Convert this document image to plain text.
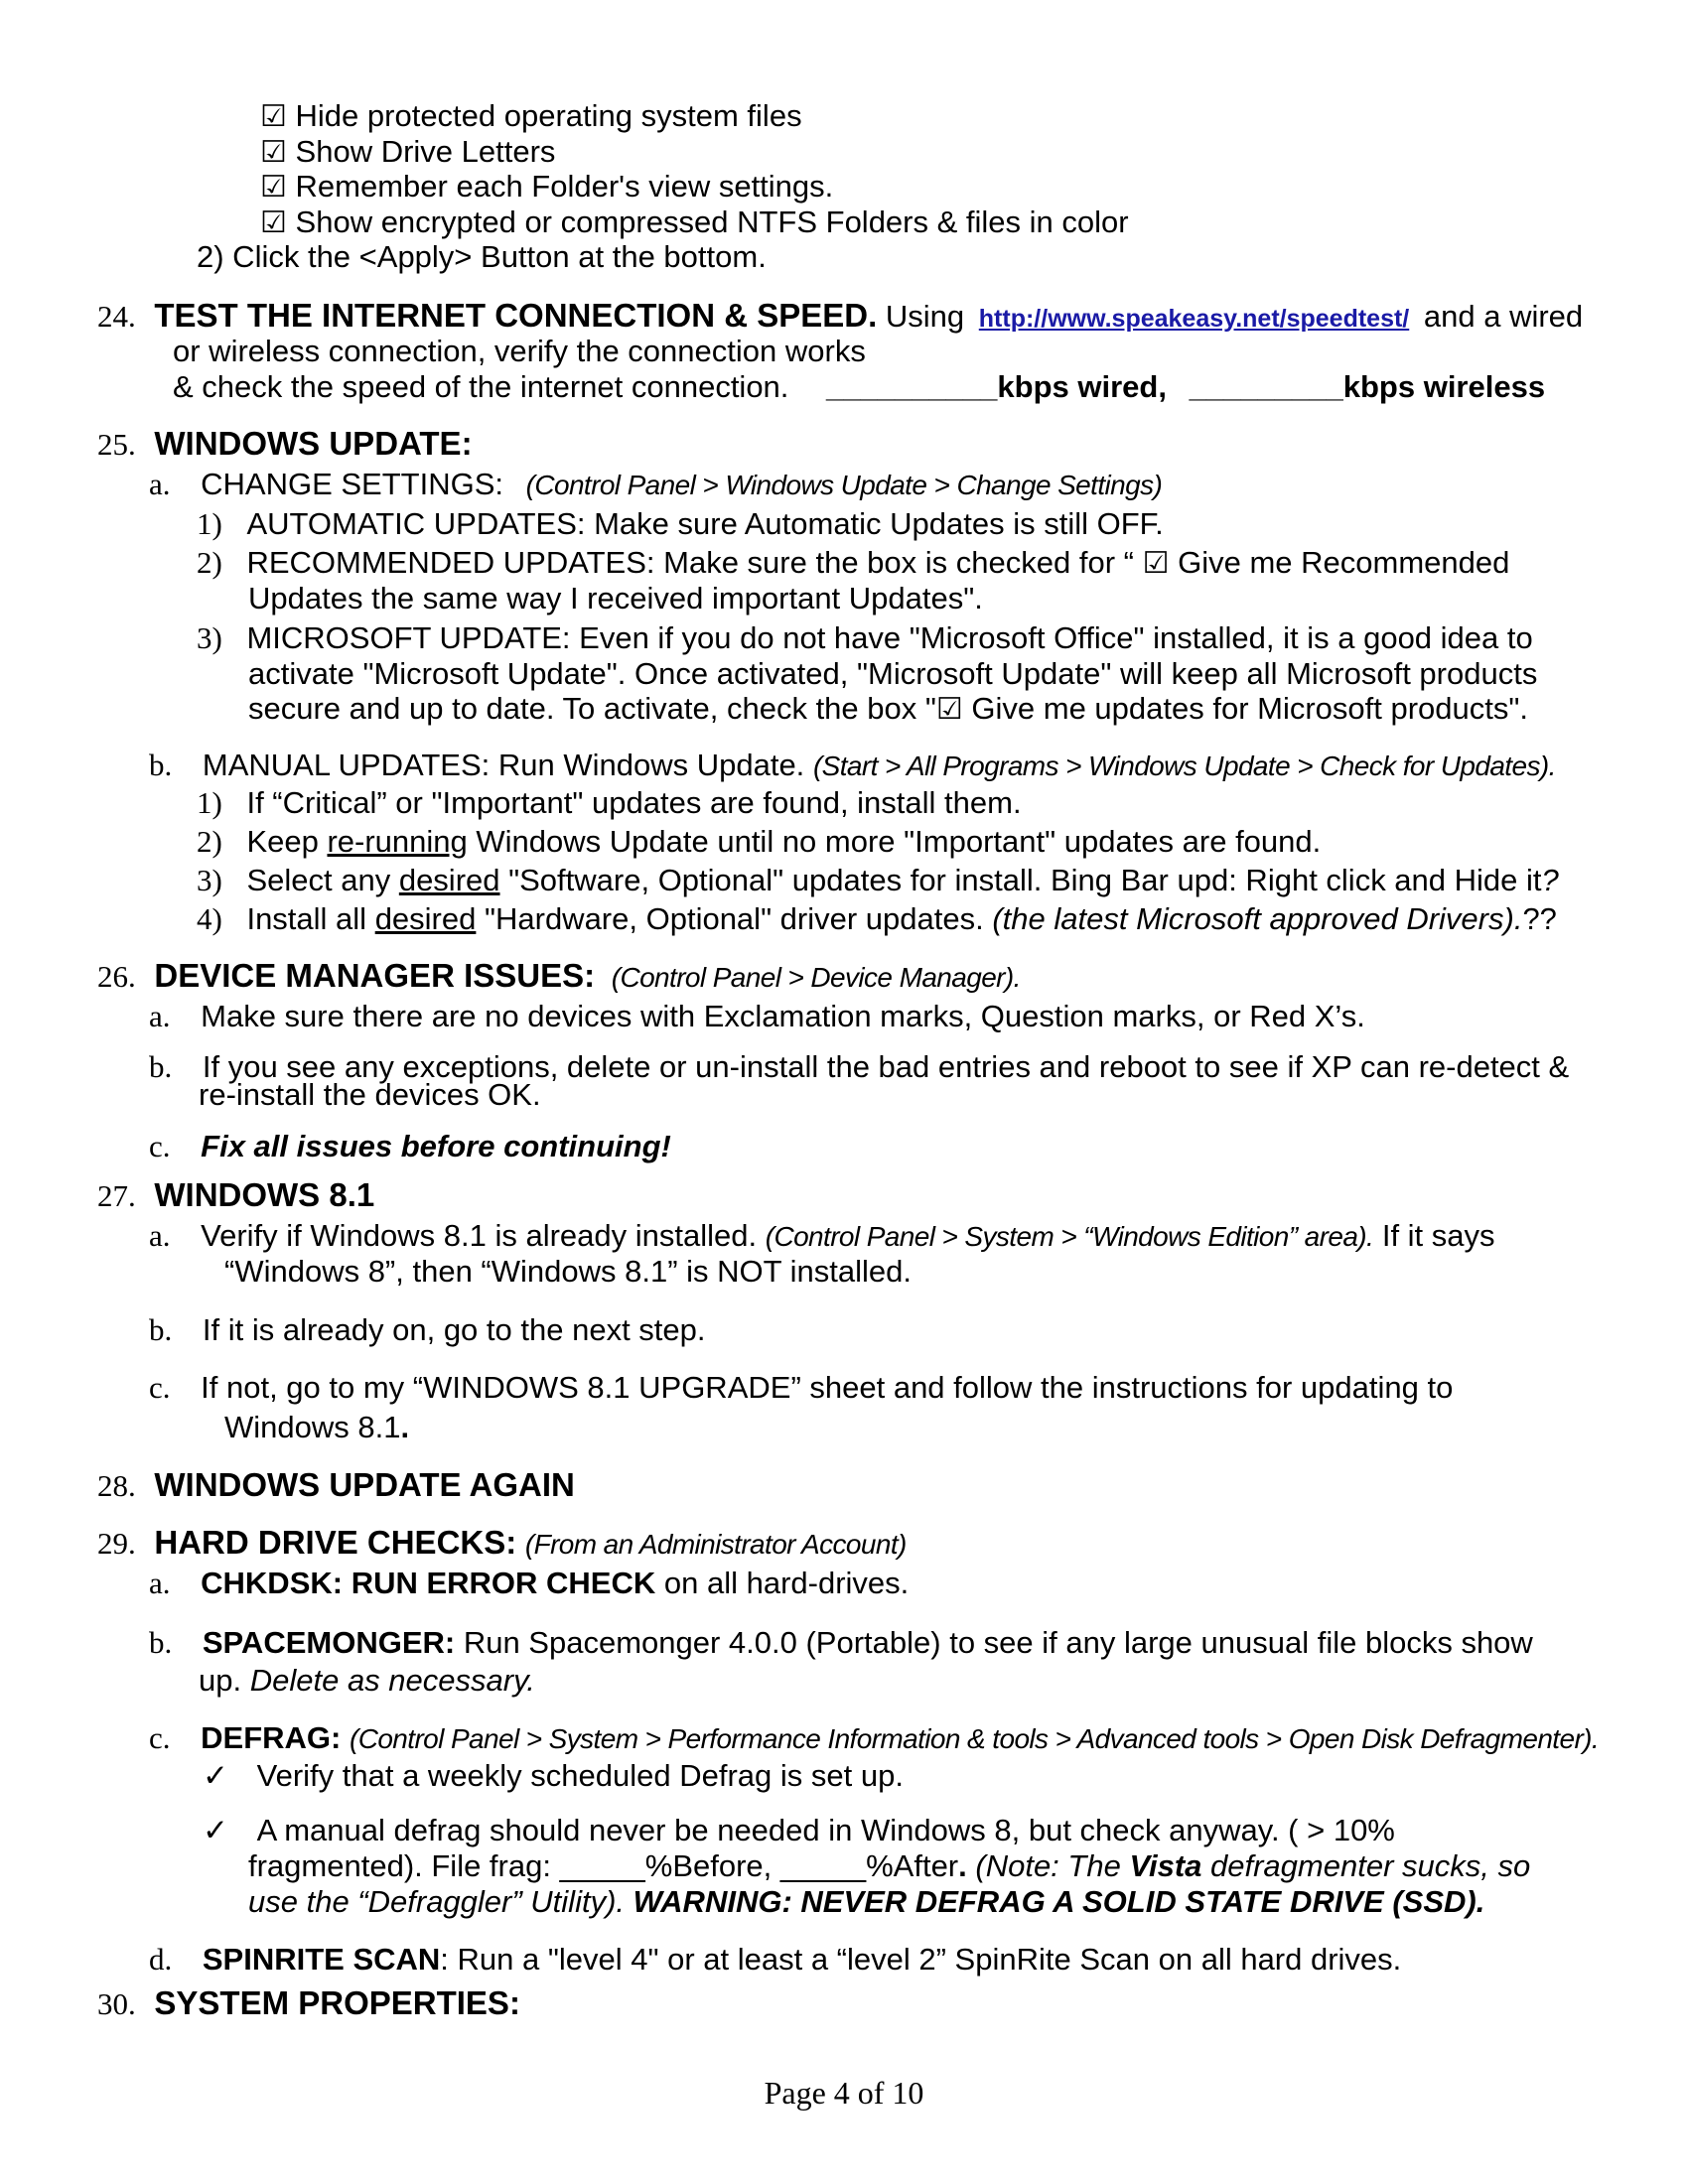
☑ Hide protected operating system files
☑ Show Drive Letters
☑ Remember each Folder's view settings.
☑ Show encrypted or compressed NTFS Folders & files in color
2) Click the <Apply> Button at the bottom.
24. TEST THE INTERNET CONNECTION & SPEED. Using http://www.speakeasy.net/speedtest/ and a wired
or wireless connection, verify the connection works
& check the speed of the internet connection. __________kbps wired, _________kbps wireless
25. WINDOWS UPDATE:
a. CHANGE SETTINGS: (Control Panel > Windows Update > Change Settings)
1) AUTOMATIC UPDATES: Make sure Automatic Updates is still OFF.
2) RECOMMENDED UPDATES: Make sure the box is checked for “ ☑ Give me Recommended
Updates the same way I received important Updates".
3) MICROSOFT UPDATE: Even if you do not have "Microsoft Office" installed, it is a good idea to
activate "Microsoft Update". Once activated, "Microsoft Update" will keep all Microsoft products
secure and up to date. To activate, check the box "☑ Give me updates for Microsoft products".
b. MANUAL UPDATES: Run Windows Update. (Start > All Programs > Windows Update > Check for Updates).
1) If “Critical” or "Important" updates are found, install them.
2) Keep re-running Windows Update until no more "Important" updates are found.
3) Select any desired "Software, Optional" updates for install. Bing Bar upd: Right click and Hide it?
4) Install all desired "Hardware, Optional" driver updates. (the latest Microsoft approved Drivers).??
26. DEVICE MANAGER ISSUES: (Control Panel > Device Manager).
a. Make sure there are no devices with Exclamation marks, Question marks, or Red X’s.
b. If you see any exceptions, delete or un-install the bad entries and reboot to see if XP can re-detect &
re-install the devices OK.
c. Fix all issues before continuing!
27. WINDOWS 8.1
a. Verify if Windows 8.1 is already installed. (Control Panel > System > “Windows Edition” area). If it says
“Windows 8”, then “Windows 8.1” is NOT installed.
b. If it is already on, go to the next step.
c. If not, go to my “WINDOWS 8.1 UPGRADE” sheet and follow the instructions for updating to
Windows 8.1.
28. WINDOWS UPDATE AGAIN
29. HARD DRIVE CHECKS: (From an Administrator Account)
a. CHKDSK: RUN ERROR CHECK on all hard-drives.
b. SPACEMONGER: Run Spacemonger 4.0.0 (Portable) to see if any large unusual file blocks show
up. Delete as necessary.
c. DEFRAG: (Control Panel > System > Performance Information & tools > Advanced tools > Open Disk Defragmenter).
✓ Verify that a weekly scheduled Defrag is set up.
✓ A manual defrag should never be needed in Windows 8, but check anyway. ( > 10%
fragmented). File frag: _____%Before, _____%After. (Note: The Vista defragmenter sucks, so
use the “Defraggler” Utility). WARNING: NEVER DEFRAG A SOLID STATE DRIVE (SSD).
d. SPINRITE SCAN: Run a "level 4" or at least a “level 2” SpinRite Scan on all hard drives.
30. SYSTEM PROPERTIES:
Page 4 of 10
